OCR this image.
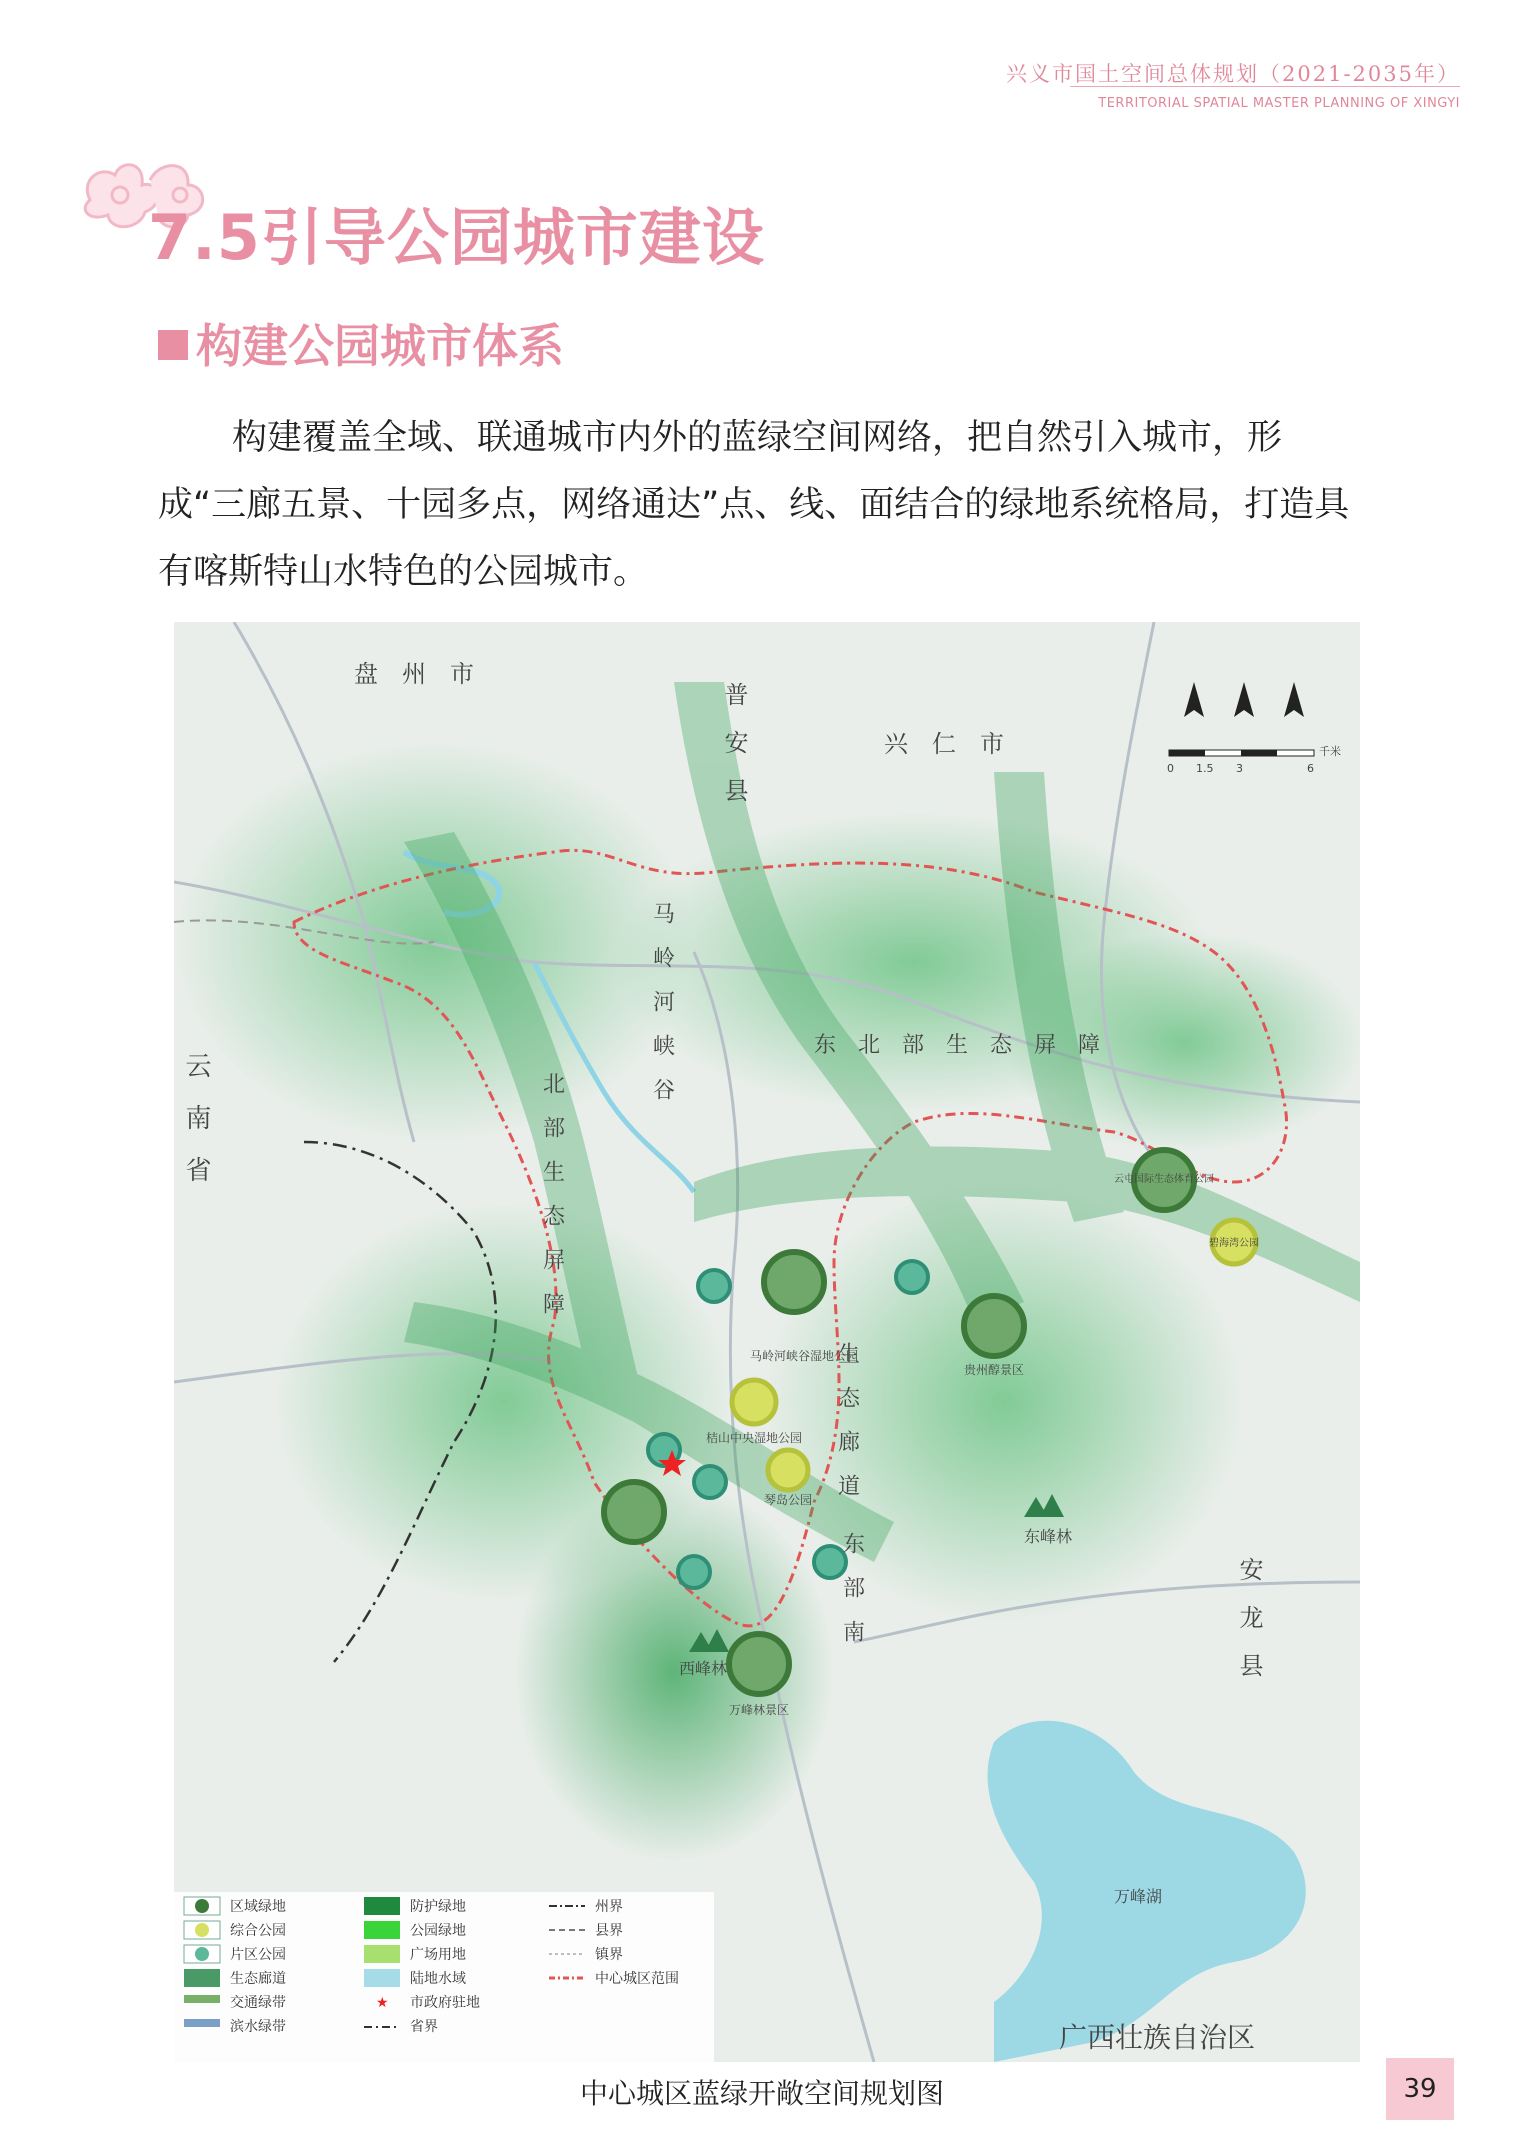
兴义市国土空间总体规划（2021-2035年）
TERRITORIAL SPATIAL MASTER PLANNING OF XINGYI
7.5引导公园城市建设
构建公园城市体系

构建覆盖全域、联通城市内外的蓝绿空间网络，把自然引入城市，形成“三廊五景、十园多点，网络通达”点、线、面结合的绿地系统格局，打造具有喀斯特山水特色的公园城市。

盘　州　市
普　安　县	兴　仁　市
云　南　省
安　龙　县
广西壮族自治区
北　部　生　态　屏　障
马　岭　河　峡　谷	东　北　部　生　态　屏　障
生　态　廊　道
东　部　南
云屯国际生态体育公园
碧海湾公园
马岭河峡谷湿地公园
桔山中央湿地公园
琴岛公园
贵州醇景区
万峰林景区
东峰林
西峰林
万峰湖
0 1.5 3	6
千米
区域绿地
综合公园
片区公园
生态廊道
交通绿带
滨水绿带
防护绿地
公园绿地
广场用地
陆地水域
★ 市政府驻地
省界
州界
县界
镇界
中心城区范围
中心城区蓝绿开敞空间规划图	39
